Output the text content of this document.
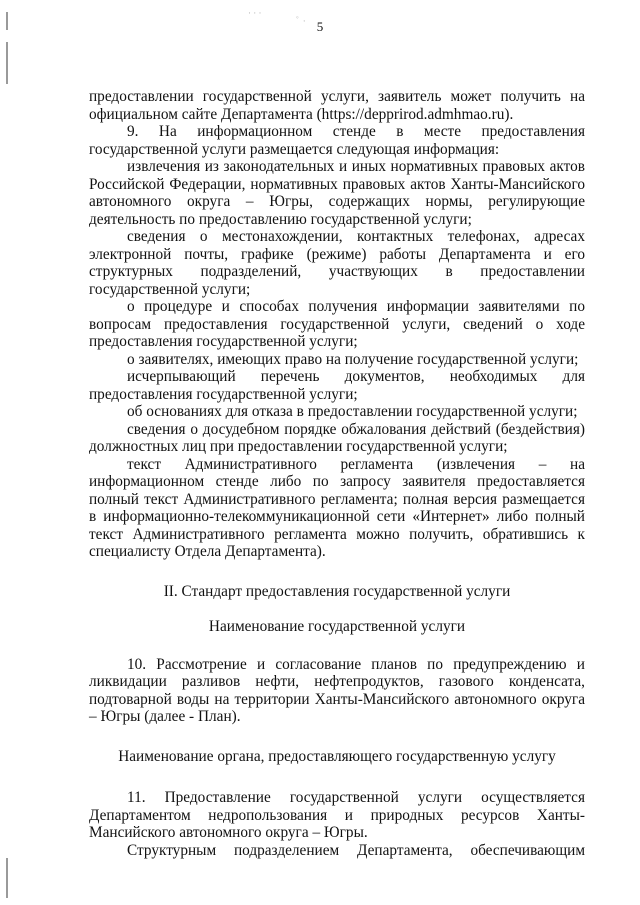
· · ·
ﾟ · 5

предоставлении государственной услуги, заявитель может получить на официальном сайте Департамента (https://depprirod.admhmao.ru).

9. На информационном стенде в месте предоставления государственной услуги размещается следующая информация:

извлечения из законодательных и иных нормативных правовых актов Российской Федерации, нормативных правовых актов Ханты-Мансийского автономного округа – Югры, содержащих нормы, регулирующие деятельность по предоставлению государственной услуги;

сведения о местонахождении, контактных телефонах, адресах электронной почты, графике (режиме) работы Департамента и его структурных подразделений, участвующих в предоставлении государственной услуги;

о процедуре и способах получения информации заявителями по вопросам предоставления государственной услуги, сведений о ходе предоставления государственной услуги;

о заявителях, имеющих право на получение государственной услуги;

исчерпывающий перечень документов, необходимых для предоставления государственной услуги;

об основаниях для отказа в предоставлении государственной услуги;

сведения о досудебном порядке обжалования действий (бездействия) должностных лиц при предоставлении государственной услуги;

текст Административного регламента (извлечения – на информационном стенде либо по запросу заявителя предоставляется полный текст Административного регламента; полная версия размещается в информационно-телекоммуникационной сети «Интернет» либо полный текст Административного регламента можно получить, обратившись к специалисту Отдела Департамента).

II. Стандарт предоставления государственной услуги

Наименование государственной услуги

10. Рассмотрение и согласование планов по предупреждению и ликвидации разливов нефти, нефтепродуктов, газового конденсата, подтоварной воды на территории Ханты-Мансийского автономного округа – Югры (далее - План).

Наименование органа, предоставляющего государственную услугу

11. Предоставление государственной услуги осуществляется Департаментом недропользования и природных ресурсов Ханты-Мансийского автономного округа – Югры.

Структурным подразделением Департамента, обеспечивающим
